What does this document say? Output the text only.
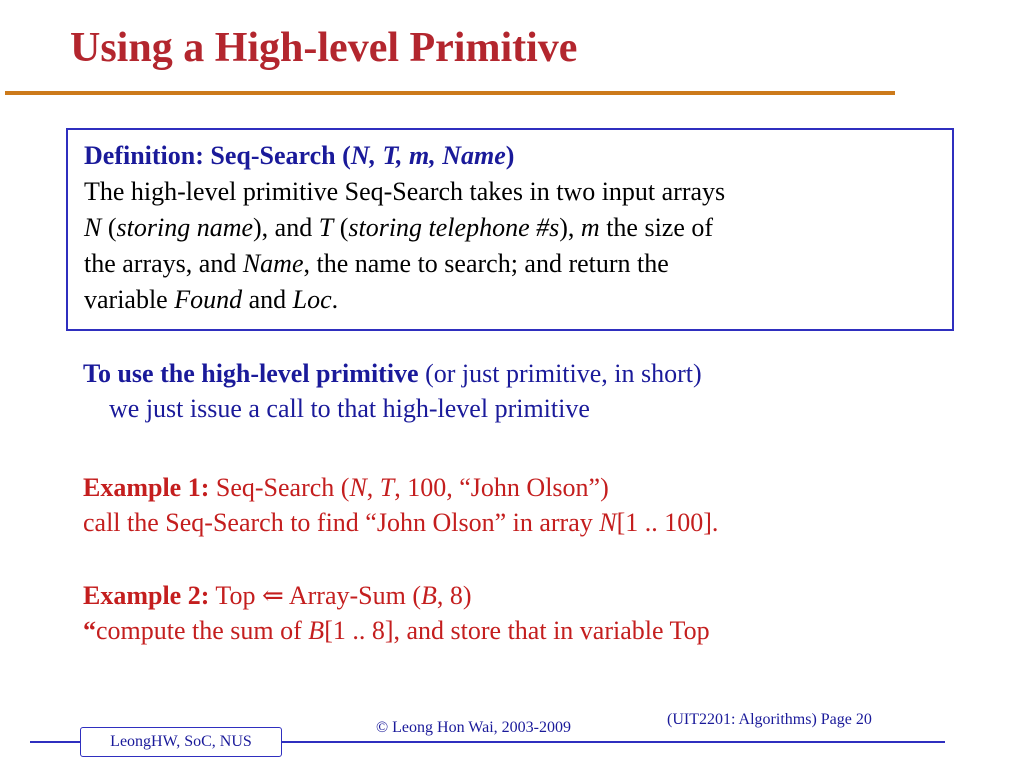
Using a High-level Primitive
Definition: Seq-Search (N, T, m, Name)
The high-level primitive Seq-Search takes in two input arrays
N (storing name), and T (storing telephone #s), m the size of
the arrays, and Name, the name to search; and return the
variable Found and Loc.
To use the high-level primitive (or just primitive, in short)
we just issue a call to that high-level primitive
Example 1: Seq-Search (N, T, 100, “John Olson”)
call the Seq-Search to find “John Olson” in array N[1 .. 100].
Example 2: Top ⇐ Array-Sum (B, 8)
“compute the sum of B[1 .. 8], and store that in variable Top
LeongHW, SoC, NUS
© Leong Hon Wai, 2003-2009	(UIT2201: Algorithms) Page 20
